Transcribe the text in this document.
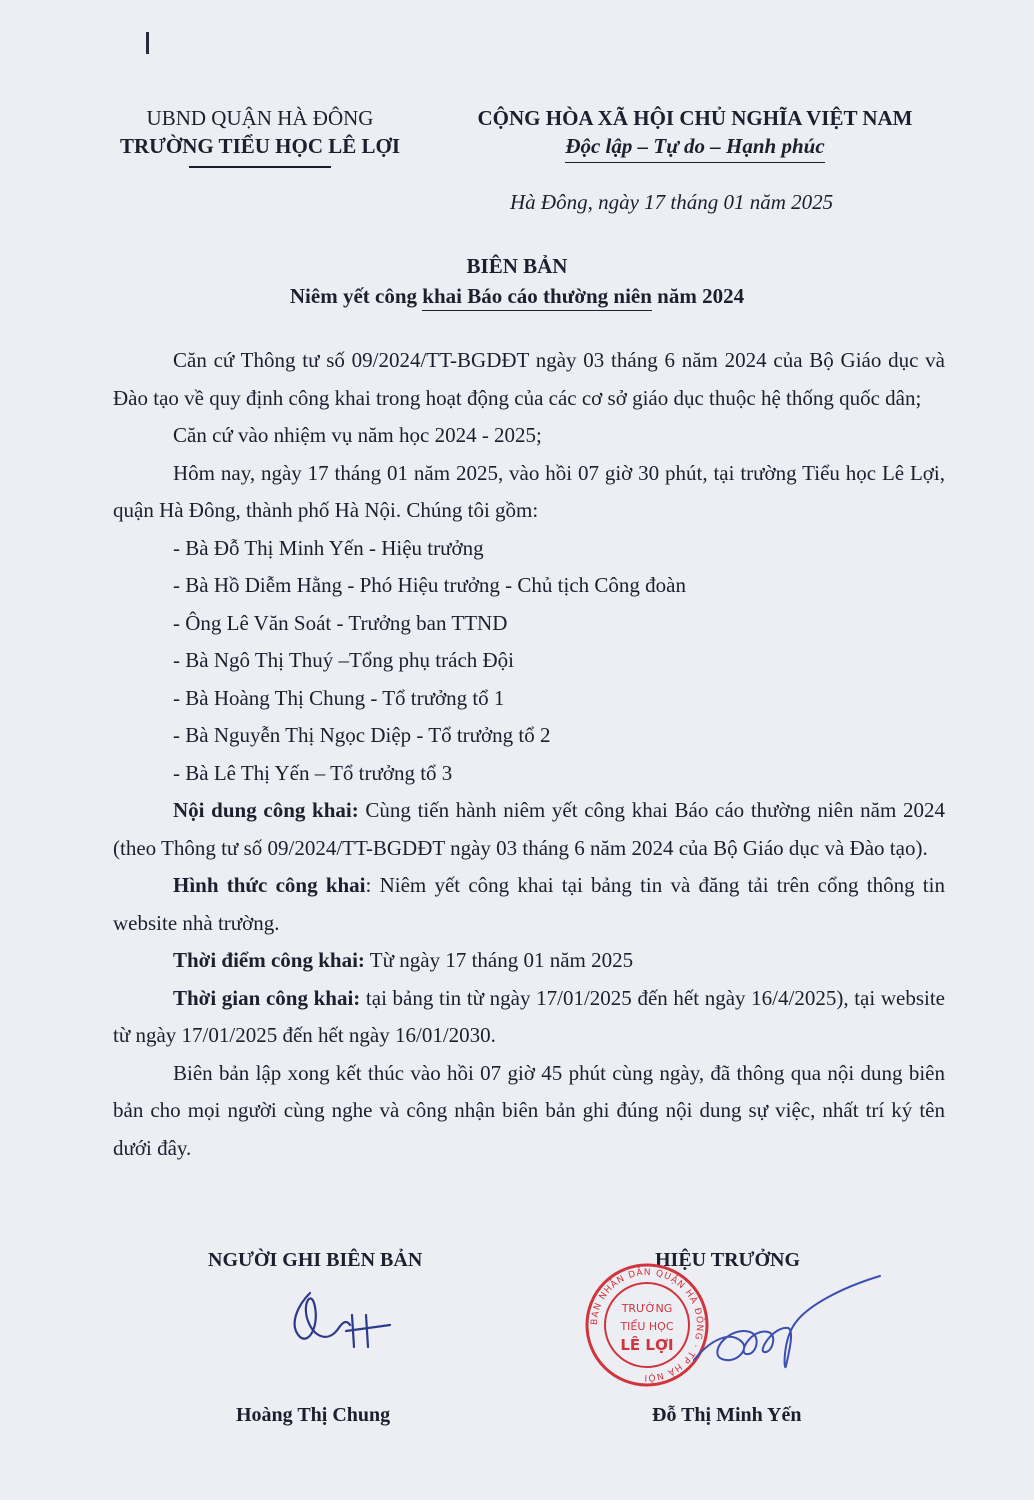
UBND QUẬN HÀ ĐÔNG
TRƯỜNG TIỂU HỌC LÊ LỢI
CỘNG HÒA XÃ HỘI CHỦ NGHĨA VIỆT NAM
Độc lập – Tự do – Hạnh phúc
Hà Đông, ngày 17 tháng 01 năm 2025
BIÊN BẢN
Niêm yết công khai Báo cáo thường niên năm 2024

Căn cứ Thông tư số 09/2024/TT-BGDĐT ngày 03 tháng 6 năm 2024 của Bộ Giáo dục và Đào tạo về quy định công khai trong hoạt động của các cơ sở giáo dục thuộc hệ thống quốc dân;

Căn cứ vào nhiệm vụ năm học 2024 - 2025;

Hôm nay, ngày 17 tháng 01 năm 2025, vào hồi 07 giờ 30 phút, tại trường Tiểu học Lê Lợi, quận Hà Đông, thành phố Hà Nội. Chúng tôi gồm:

- Bà Đỗ Thị Minh Yến - Hiệu trưởng
- Bà Hồ Diễm Hằng - Phó Hiệu trưởng - Chủ tịch Công đoàn
- Ông Lê Văn Soát - Trưởng ban TTND
- Bà Ngô Thị Thuý –Tổng phụ trách Đội
- Bà Hoàng Thị Chung - Tổ trưởng tổ 1
- Bà Nguyễn Thị Ngọc Diệp - Tổ trưởng tổ 2
- Bà Lê Thị Yến – Tổ trưởng tổ 3

Nội dung công khai: Cùng tiến hành niêm yết công khai Báo cáo thường niên năm 2024 (theo Thông tư số 09/2024/TT-BGDĐT ngày 03 tháng 6 năm 2024 của Bộ Giáo dục và Đào tạo).

Hình thức công khai: Niêm yết công khai tại bảng tin và đăng tải trên cổng thông tin website nhà trường.

Thời điểm công khai: Từ ngày 17 tháng 01 năm 2025

Thời gian công khai: tại bảng tin từ ngày 17/01/2025 đến hết ngày 16/4/2025), tại website từ ngày 17/01/2025 đến hết ngày 16/01/2030.

Biên bản lập xong kết thúc vào hồi 07 giờ 45 phút cùng ngày, đã thông qua nội dung biên bản cho mọi người cùng nghe và công nhận biên bản ghi đúng nội dung sự việc, nhất trí ký tên dưới đây.

NGƯỜI GHI BIÊN BẢN	HIỆU TRƯỞNG
BAN NHÂN DÂN QUẬN HÀ ĐÔNG · TP HÀ NỘI
TRƯỜNG
TIỂU HỌC
LÊ LỢI
Hoàng Thị Chung	Đỗ Thị Minh Yến
